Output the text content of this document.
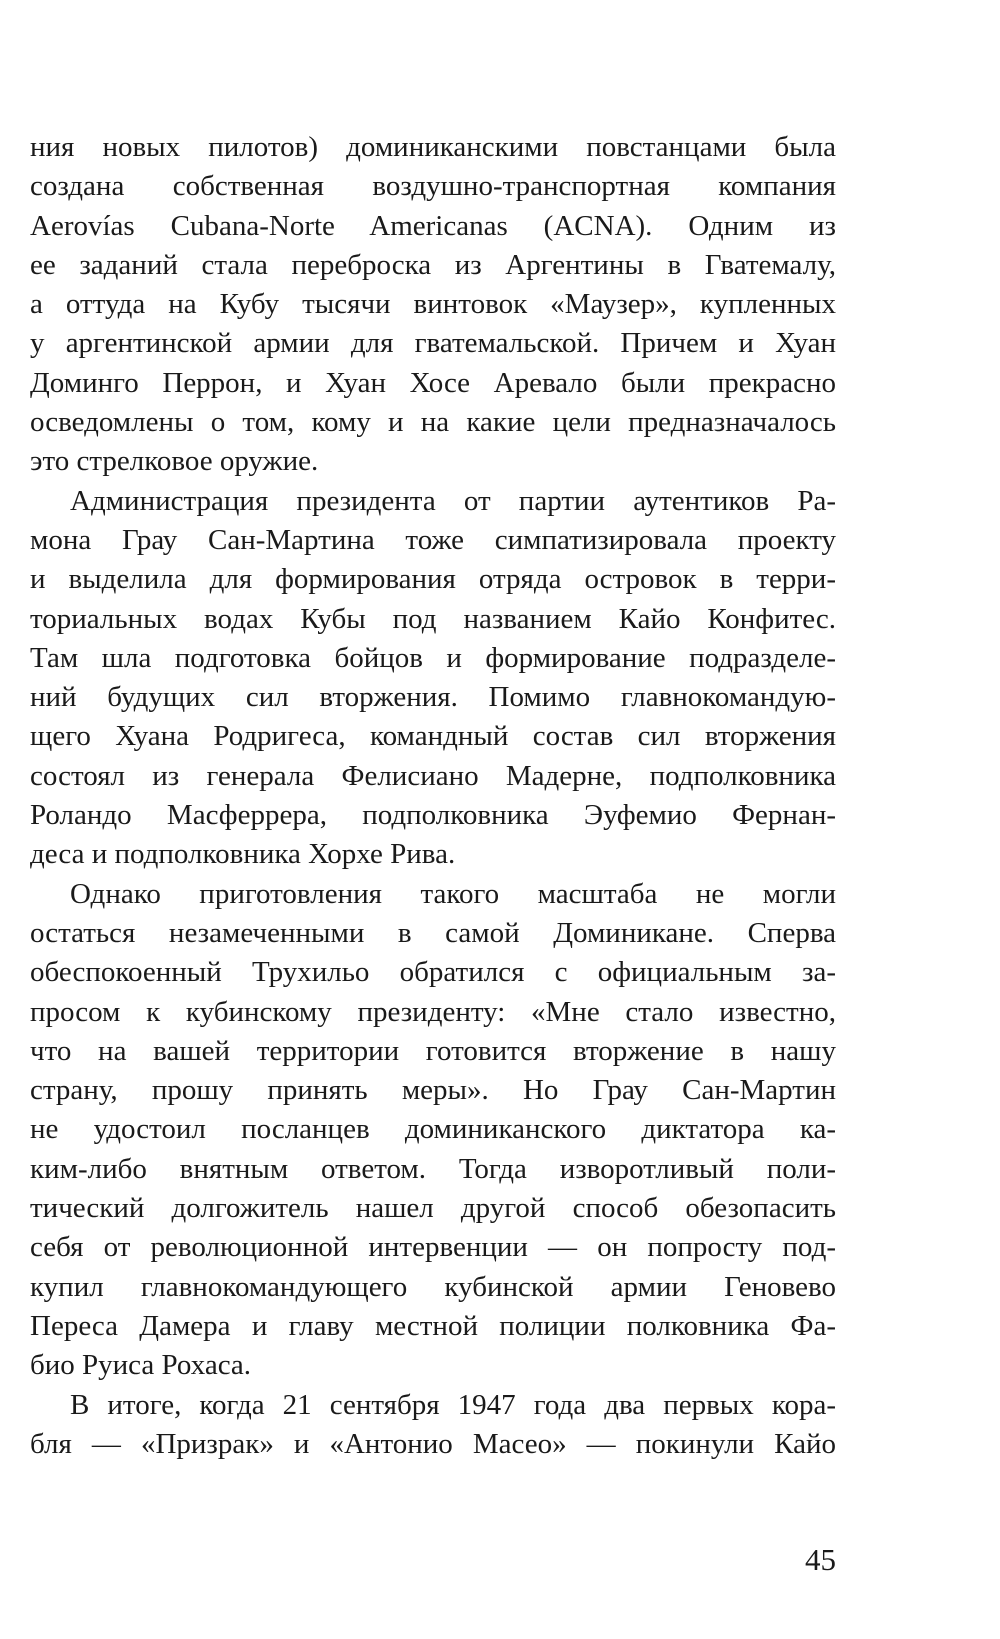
ния новых пилотов) доминиканскими повстанцами была
создана собственная воздушно-транспортная компания
Aerovías Cubana-Norte Americanas (ACNA). Одним из
ее заданий стала переброска из Аргентины в Гватемалу,
а оттуда на Кубу тысячи винтовок «Маузер», купленных
у аргентинской армии для гватемальской. Причем и Хуан
Доминго Перрон, и Хуан Хосе Аревало были прекрасно
осведомлены о том, кому и на какие цели предназначалось
это стрелковое оружие.
Администрация президента от партии аутентиков Ра-
мона Грау Сан-Мартина тоже симпатизировала проекту
и выделила для формирования отряда островок в терри-
ториальных водах Кубы под названием Кайо Конфитес.
Там шла подготовка бойцов и формирование подразделе-
ний будущих сил вторжения. Помимо главнокомандую-
щего Хуана Родригеса, командный состав сил вторжения
состоял из генерала Фелисиано Мадерне, подполковника
Роландо Масферрера, подполковника Эуфемио Фернан-
деса и подполковника Хорхе Рива.
Однако приготовления такого масштаба не могли
остаться незамеченными в самой Доминикане. Сперва
обеспокоенный Трухильо обратился с официальным за-
просом к кубинскому президенту: «Мне стало известно,
что на вашей территории готовится вторжение в нашу
страну, прошу принять меры». Но Грау Сан-Мартин
не удостоил посланцев доминиканского диктатора ка-
ким-либо внятным ответом. Тогда изворотливый поли-
тический долгожитель нашел другой способ обезопасить
себя от революционной интервенции — он попросту под-
купил главнокомандующего кубинской армии Геновево
Переса Дамера и главу местной полиции полковника Фа-
био Руиса Рохаса.
В итоге, когда 21 сентября 1947 года два первых кора-
бля — «Призрак» и «Антонио Масео» — покинули Кайо
45
